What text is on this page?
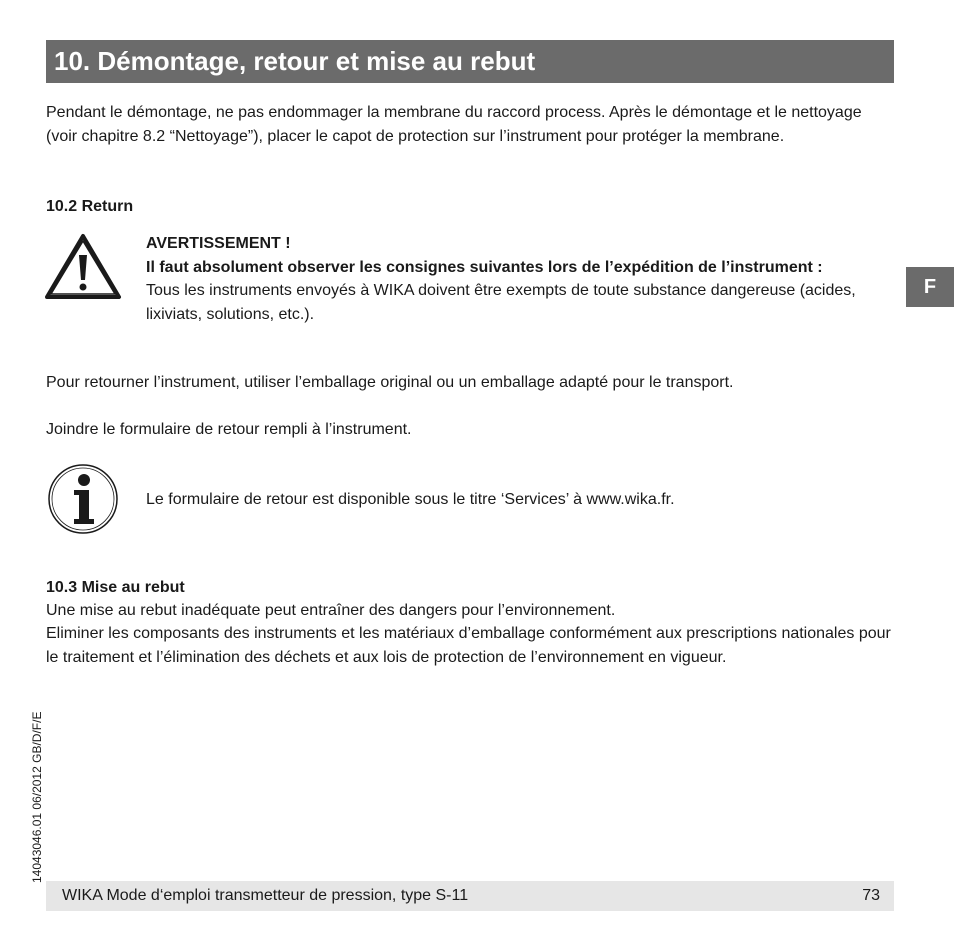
10. Démontage, retour et mise au rebut
F
Pendant le démontage, ne pas endommager la membrane du raccord process. Après le démontage et le nettoyage (voir chapitre 8.2 “Nettoyage”), placer le capot de protection sur l’instrument pour protéger la membrane.
10.2 Return
AVERTISSEMENT !
Il faut absolument observer les consignes suivantes lors de l’expédition de l’instrument :
Tous les instruments envoyés à WIKA doivent être exempts de toute substance dangereuse (acides, lixiviats, solutions, etc.).
Pour retourner l’instrument, utiliser l’emballage original ou un emballage adapté pour le transport.
Joindre le formulaire de retour rempli à l’instrument.
Le formulaire de retour est disponible sous le titre ‘Services’ à www.wika.fr.
10.3 Mise au rebut
Une mise au rebut inadéquate peut entraîner des dangers pour l’environnement.
Eliminer les composants des instruments et les matériaux d’emballage conformément aux prescriptions nationales pour le traitement et l’élimination des déchets et aux lois de protection de l’environnement en vigueur.
14043046.01 06/2012 GB/D/F/E
WIKA Mode d‘emploi transmetteur de pression, type S-11	73
